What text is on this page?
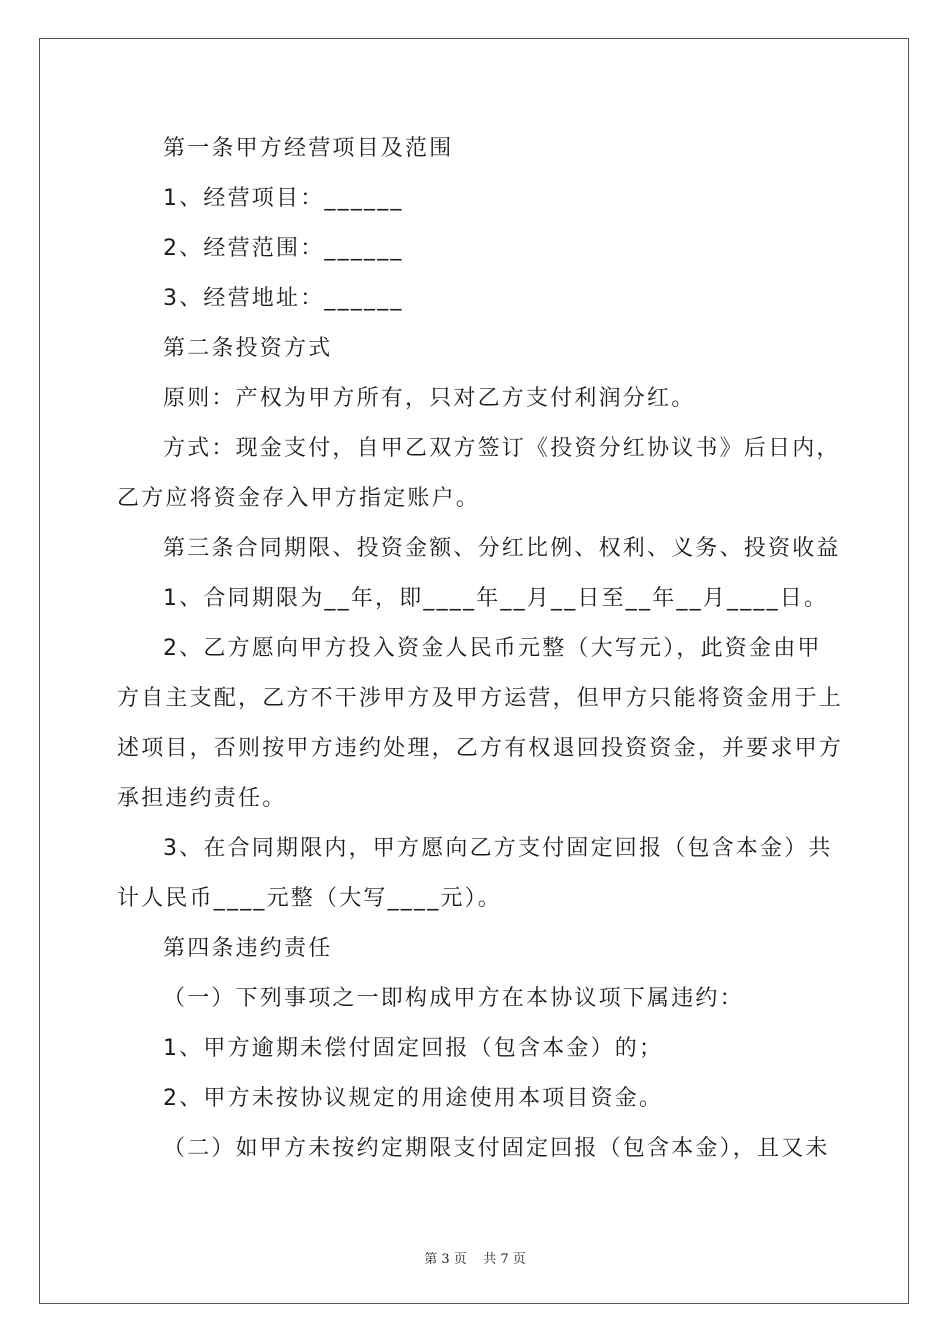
第一条甲方经营项目及范围
1、经营项目：______
2、经营范围：______
3、经营地址：______
第二条投资方式
原则：产权为甲方所有，只对乙方支付利润分红。
方式：现金支付，自甲乙双方签订《投资分红协议书》后日内，
乙方应将资金存入甲方指定账户。
第三条合同期限、投资金额、分红比例、权利、义务、投资收益
1、合同期限为__年，即____年__月__日至__年__月____日。
2、乙方愿向甲方投入资金人民币元整（大写元），此资金由甲
方自主支配，乙方不干涉甲方及甲方运营，但甲方只能将资金用于上
述项目，否则按甲方违约处理，乙方有权退回投资资金，并要求甲方
承担违约责任。
3、在合同期限内，甲方愿向乙方支付固定回报（包含本金）共
计人民币____元整（大写____元）。
第四条违约责任
（一）下列事项之一即构成甲方在本协议项下属违约：
1、甲方逾期未偿付固定回报（包含本金）的；
2、甲方未按协议规定的用途使用本项目资金。
（二）如甲方未按约定期限支付固定回报（包含本金），且又未
第 3 页    共 7 页
